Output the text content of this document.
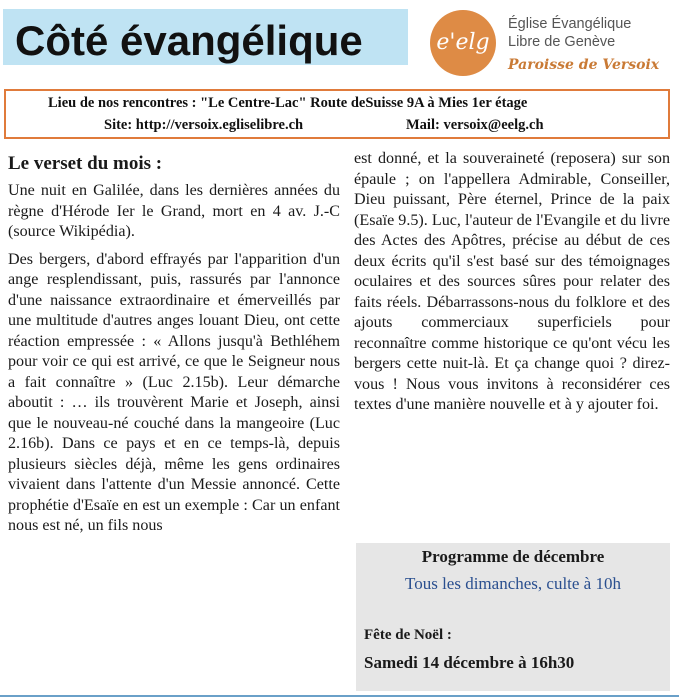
Côté évangélique	e'elg
Église Évangélique
Libre de Genève
Paroisse de Versoix
Lieu de nos rencontres : "Le Centre-Lac" Route deSuisse 9A à Mies 1er étage
Site: http://versoix.egliselibre.ch	Mail: versoix@eelg.ch

Le verset du mois :

Une nuit en Galilée, dans les dernières années du règne d'Hérode Ier le Grand, mort en 4 av. J.-C (source Wikipédia).

Des bergers, d'abord effrayés par l'apparition d'un ange resplendissant, puis, rassurés par l'annonce d'une naissance extraordinaire et émerveillés par une multitude d'autres anges louant Dieu, ont cette réaction empressée : « Allons jusqu'à Bethléhem pour voir ce qui est arrivé, ce que le Seigneur nous a fait connaître » (Luc 2.15b). Leur démarche aboutit : … ils trouvèrent Marie et Joseph, ainsi que le nouveau-né couché dans la mangeoire (Luc 2.16b). Dans ce pays et en ce temps-là, depuis plusieurs siècles déjà, même les gens ordinaires vivaient dans l'attente d'un Messie annoncé. Cette prophétie d'Esaïe en est un exemple : Car un enfant nous est né, un fils nous

est donné, et la souveraineté (reposera) sur son épaule ; on l'appellera Admirable, Conseiller, Dieu puissant, Père éternel, Prince de la paix (Esaïe 9.5). Luc, l'auteur de l'Evangile et du livre des Actes des Apôtres, précise au début de ces deux écrits qu'il s'est basé sur des témoignages oculaires et des sources sûres pour relater des faits réels. Débarrassons-nous du folklore et des ajouts commerciaux superficiels pour reconnaître comme historique ce qu'ont vécu les bergers cette nuit-là. Et ça change quoi ? direz-vous ! Nous vous invitons à reconsidérer ces textes d'une manière nouvelle et à y ajouter foi.

Programme de décembre
Tous les dimanches, culte à 10h
Fête de Noël :
Samedi 14 décembre à 16h30
